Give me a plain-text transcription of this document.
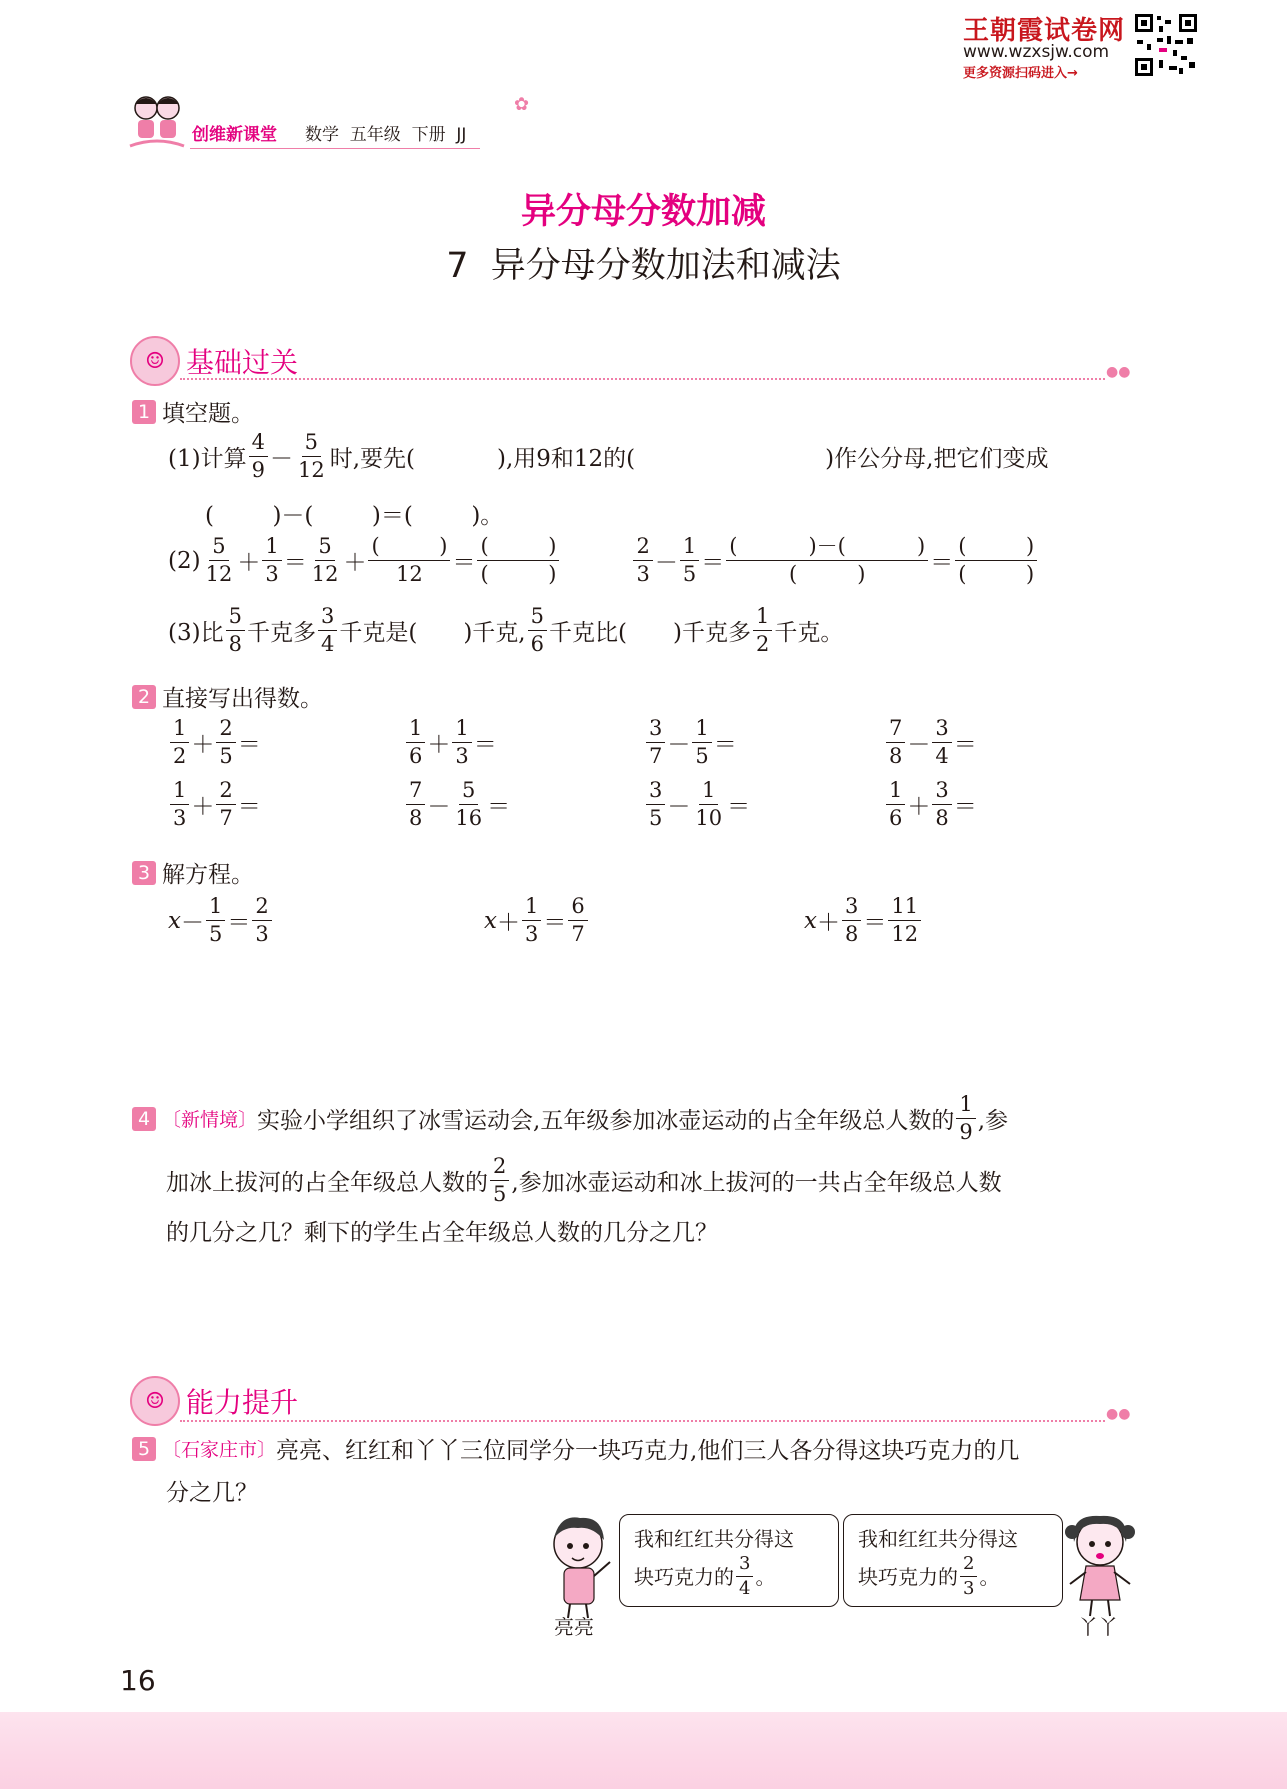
王朝霞试卷网
www.wzxsjw.com
更多资源扫码进入→
创维新课堂 数学  五年级  下册  JJ
✿
异分母分数加减
7  异分母分数加法和减法
☺ 基础过关	●●
1 填空题。
(1)计算 $\frac{4}{9} - \frac{5}{12}$ 时,要先(	),用9和12的(	)作公分母,把它们变成
(        )－(        )＝(        )。
$(2) \frac{5}{12} + \frac{1}{3} = \frac{5}{12}$ ＋ (	)
12 ＝ (	)
(	)	$\frac{2}{3} - \frac{1}{5}$ ＝ (	)－(	)
(	) ＝ (	)
(	)
(3)比 $\frac{5}{8}$ 千克多 $\frac{3}{4}$ 千克是( )千克, $\frac{5}{6}$ 千克比( )千克多 $\frac{1}{2}$ 千克。
2 直接写出得数。
$\frac{1}{2} + \frac{2}{5}$ ＝	$\frac{1}{6} + \frac{1}{3}$ ＝	$\frac{3}{7} - \frac{1}{5}$ ＝	$\frac{7}{8} - \frac{3}{4}$ ＝
$\frac{1}{3} + \frac{2}{7}$ ＝	$\frac{7}{8} - \frac{5}{16}$ ＝	$\frac{3}{5} - \frac{1}{10}$ ＝	$\frac{1}{6} + \frac{3}{8}$ ＝
3 解方程。
$x - \frac{1}{5} = \frac{2}{3}$	$x + \frac{1}{3} = \frac{6}{7}$	$x + \frac{3}{8} = \frac{11}{12}$
4 〔新情境〕 实验小学组织了冰雪运动会,五年级参加冰壶运动的占全年级总人数的 $\frac{1}{9}$ ,参
加冰上拔河的占全年级总人数的 $\frac{2}{5}$ ,参加冰壶运动和冰上拔河的一共占全年级总人数
的几分之几？剩下的学生占全年级总人数的几分之几？
☺ 能力提升	●●
5 〔石家庄市〕 亮亮、红红和丫丫三位同学分一块巧克力,他们三人各分得这块巧克力的几
分之几？
亮亮
我和红红共分得这
块巧克力的 $\frac{3}{4}$ 。
我和红红共分得这
块巧克力的 $\frac{2}{3}$ 。
丫丫
16
